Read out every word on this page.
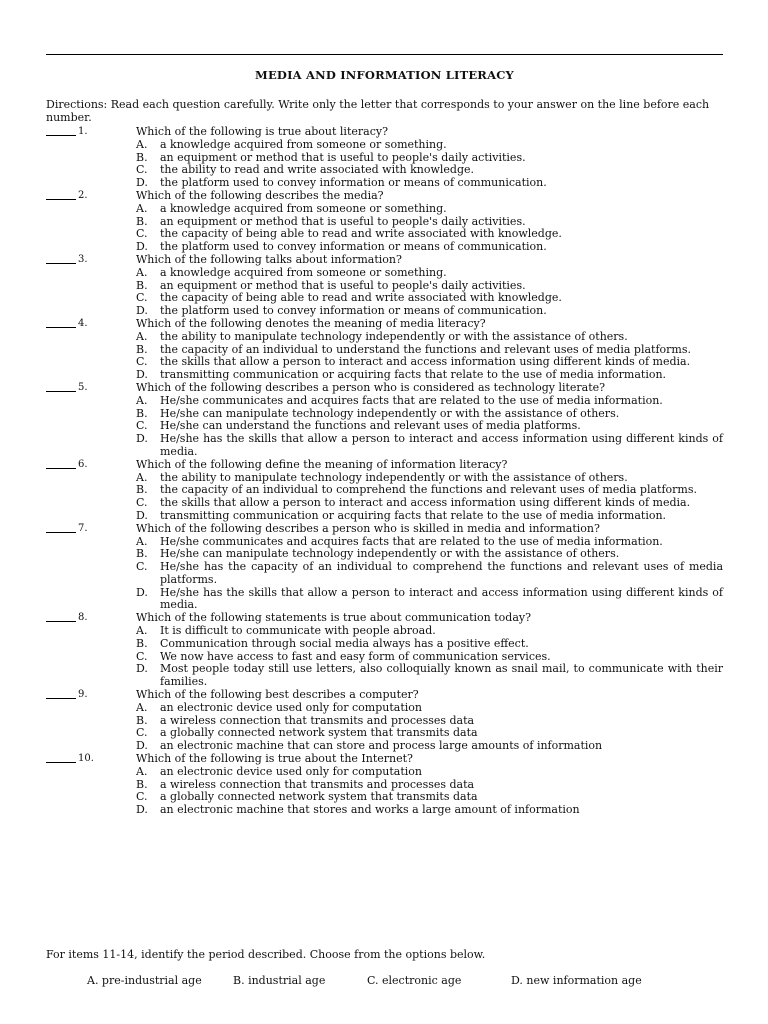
MEDIA AND INFORMATION LITERACY
Directions: Read each question carefully. Write only the letter that corresponds to your answer on the line before each number.
1.	Which of the following is true about literacy?
A.	a knowledge acquired from someone or something.
B.	an equipment or method that is useful to people's daily activities.
C.	the ability to read and write associated with knowledge.
D.	the platform used to convey information or means of communication.
2.	Which of the following describes the media?
A.	a knowledge acquired from someone or something.
B.	an equipment or method that is useful to people's daily activities.
C.	the capacity of being able to read and write associated with knowledge.
D.	the platform used to convey information or means of communication.
3.	Which of the following talks about information?
A.	a knowledge acquired from someone or something.
B.	an equipment or method that is useful to people's daily activities.
C.	the capacity of being able to read and write associated with knowledge.
D.	the platform used to convey information or means of communication.
4.	Which of the following denotes the meaning of media literacy?
A.	the ability to manipulate technology independently or with the assistance of others.
B.	the capacity of an individual to understand the functions and relevant uses of media platforms.
C.	the skills that allow a person to interact and access information using different kinds of media.
D.	transmitting communication or acquiring facts that relate to the use of media information.
5.	Which of the following describes a person who is considered as technology literate?
A.	He/she communicates and acquires facts that are related to the use of media information.
B.	He/she can manipulate technology independently or with the assistance of others.
C.	He/she can understand the functions and relevant uses of media platforms.
D.	He/she has the skills that allow a person to interact and access information using different kinds of media.
6.	Which of the following define the meaning of information literacy?
A.	the ability to manipulate technology independently or with the assistance of others.
B.	the capacity of an individual to comprehend the functions and relevant uses of media platforms.
C.	the skills that allow a person to interact and access information using different kinds of media.
D.	transmitting communication or acquiring facts that relate to the use of media information.
7.	Which of the following describes a person who is skilled in media and information?
A.	He/she communicates and acquires facts that are related to the use of media information.
B.	He/she can manipulate technology independently or with the assistance of others.
C.	He/she has the capacity of an individual to comprehend the functions and relevant uses of media platforms.
D.	He/she has the skills that allow a person to interact and access information using different kinds of media.
8.	Which of the following statements is true about communication today?
A.	It is difficult to communicate with people abroad.
B.	Communication through social media always has a positive effect.
C.	We now have access to fast and easy form of communication services.
D.	Most people today still use letters, also colloquially known as snail mail, to communicate with their families.
9.	Which of the following best describes a computer?
A.	an electronic device used only for computation
B.	a wireless connection that transmits and processes data
C.	a globally connected network system that transmits data
D.	an electronic machine that can store and process large amounts of information
10.	Which of the following is true about the Internet?
A.	an electronic device used only for computation
B.	a wireless connection that transmits and processes data
C.	a globally connected network system that transmits data
D.	an electronic machine that stores and works a large amount of information
For items 11-14, identify the period described. Choose from the options below.

A. pre-industrial age	B. industrial age	C. electronic age	D. new information age
